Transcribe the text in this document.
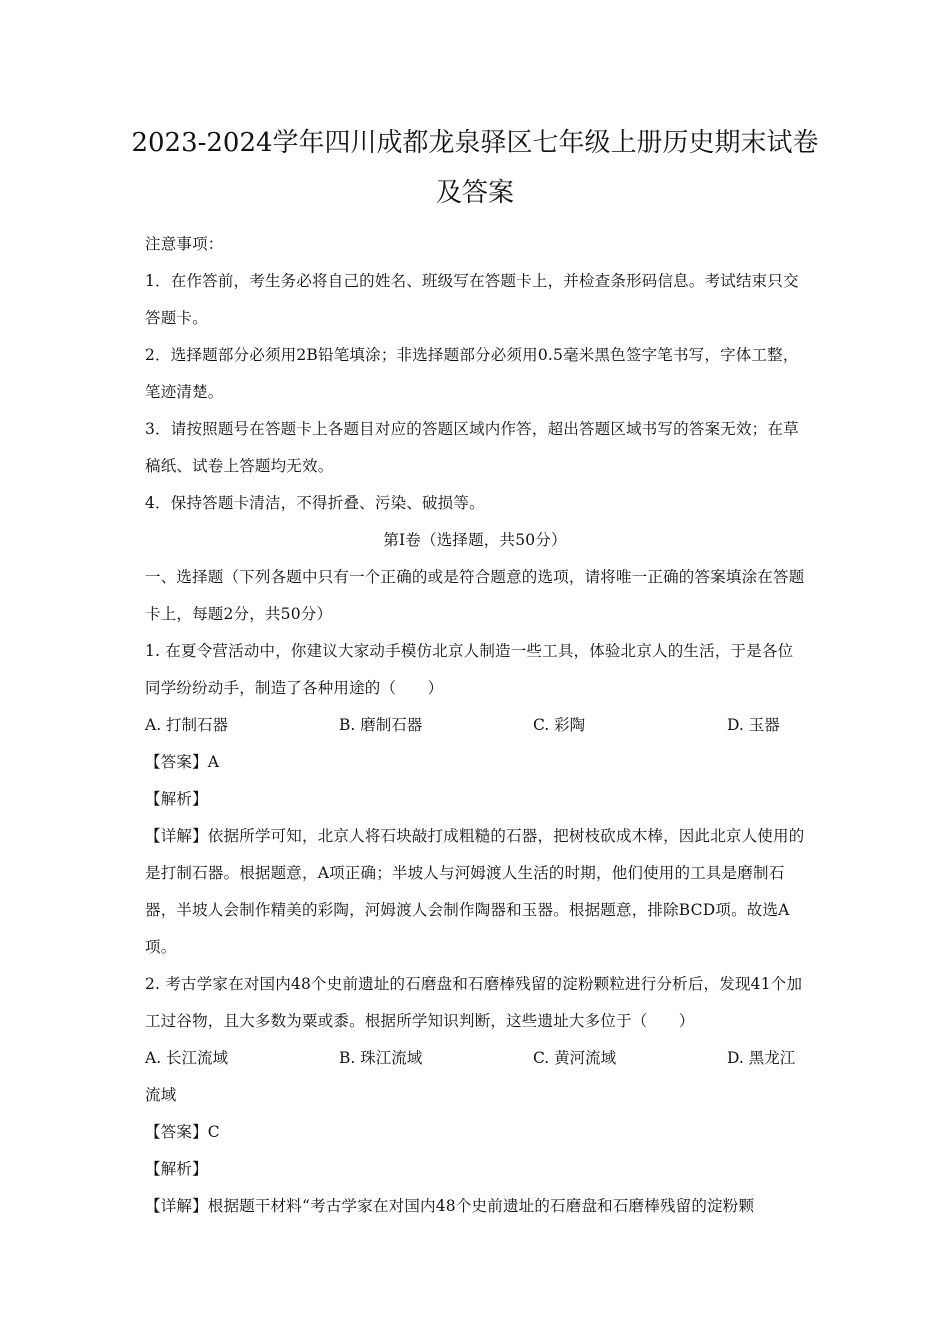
2023-2024学年四川成都龙泉驿区七年级上册历史期末试卷
及答案

注意事项：

1．在作答前，考生务必将自己的姓名、班级写在答题卡上，并检查条形码信息。考试结束只交答题卡。

2．选择题部分必须用2B铅笔填涂；非选择题部分必须用0.5毫米黑色签字笔书写，字体工整，笔迹清楚。

3．请按照题号在答题卡上各题目对应的答题区域内作答，超出答题区域书写的答案无效；在草稿纸、试卷上答题均无效。

4．保持答题卡清洁，不得折叠、污染、破损等。

第Ⅰ卷（选择题，共50分）

一、选择题（下列各题中只有一个正确的或是符合题意的选项，请将唯一正确的答案填涂在答题卡上，每题2分，共50分）

1. 在夏令营活动中，你建议大家动手模仿北京人制造一些工具，体验北京人的生活，于是各位同学纷纷动手，制造了各种用途的（　　）

A. 打制石器	B. 磨制石器	C. 彩陶	D. 玉器

【答案】A

【解析】

【详解】依据所学可知，北京人将石块敲打成粗糙的石器，把树枝砍成木棒，因此北京人使用的是打制石器。根据题意，A项正确；半坡人与河姆渡人生活的时期，他们使用的工具是磨制石器，半坡人会制作精美的彩陶，河姆渡人会制作陶器和玉器。根据题意，排除BCD项。故选A项。

2. 考古学家在对国内48个史前遗址的石磨盘和石磨棒残留的淀粉颗粒进行分析后，发现41个加工过谷物，且大多数为粟或黍。根据所学知识判断，这些遗址大多位于（　　）

A. 长江流域	B. 珠江流域	C. 黄河流域	D. 黑龙江

流域

【答案】C

【解析】

【详解】根据题干材料“考古学家在对国内48个史前遗址的石磨盘和石磨棒残留的淀粉颗
